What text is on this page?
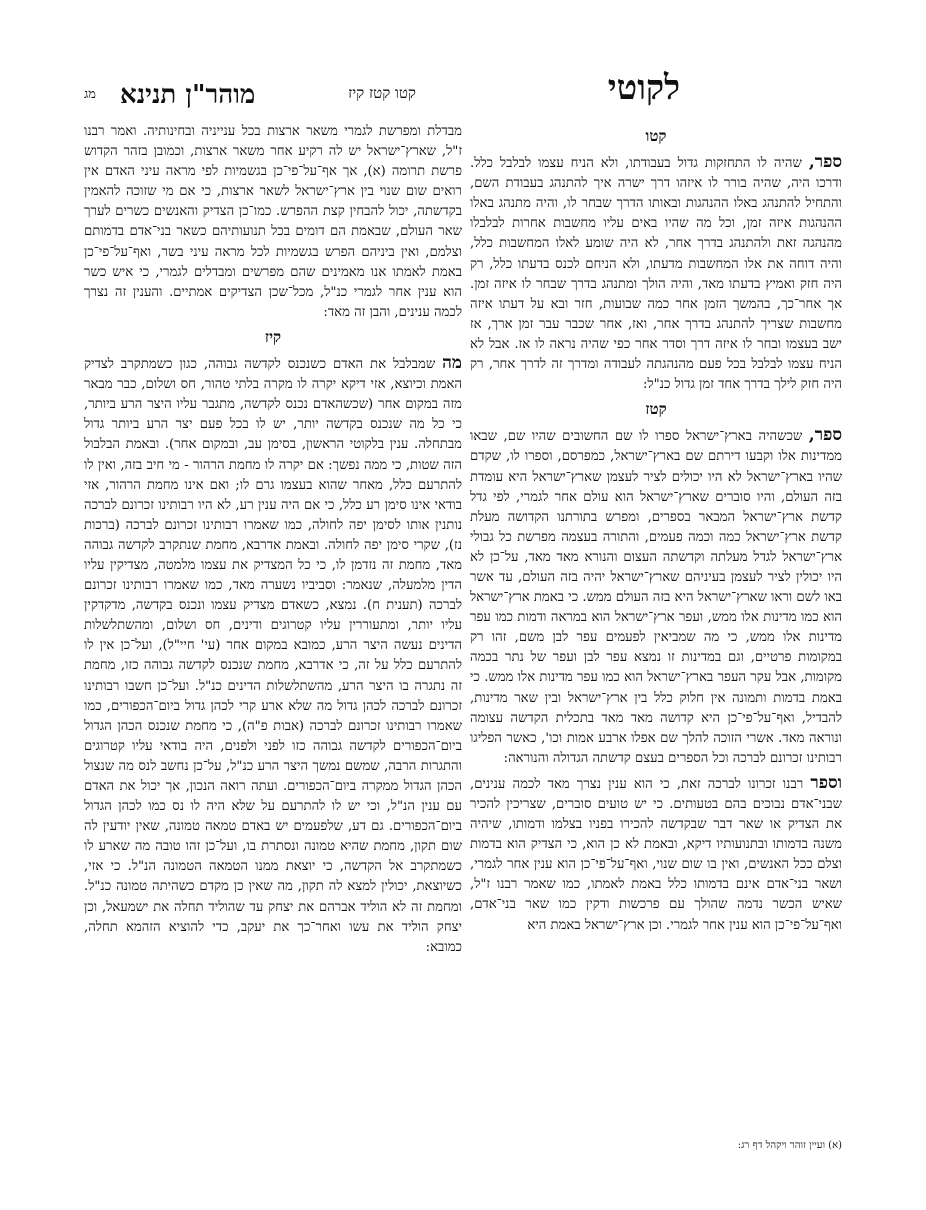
לקוטי
קטו קטז קיז
מוהר"ן תנינא
מג
קטו

ספר, שהיה לו התחזקות גדול בעבודתו, ולא הניח עצמו לבלבל כלל. ודרכו היה, שהיה בורר לו איזהו דרך ישרה איך להתנהג בעבודת השם, והתחיל להתנהג באלו ההנהגות ובאותו הדרך שבחר לו, והיה מתנהג באלו ההנהגות איזה זמן, וכל מה שהיו באים עליו מחשבות אחרות לבלבלו מהנהגה זאת ולהתנהג בדרך אחר, לא היה שומע לאלו המחשבות כלל, והיה דוחה את אלו המחשבות מדעתו, ולא הניחם לכנס בדעתו כלל, רק היה חזק ואמיץ בדעתו מאד, והיה הולך ומתנהג בדרך שבחר לו איזה זמן. אך אחר־כך, בהמשך הזמן אחר כמה שבועות, חזר ובא על דעתו איזה מחשבות שצריך להתנהג בדרך אחר, ואז, אחר שכבר עבר זמן ארך, אז ישב בעצמו ובחר לו איזה דרך וסדר אחר כפי שהיה נראה לו אז. אבל לא הניח עצמו לבלבל בכל פעם מהנהגתה לעבודה ומדרך זה לדרך אחר, רק היה חזק לילך בדרך אחד זמן גדול כנ"ל:

קטז

ספר, שכשהיה בארץ־ישראל ספרו לו שם החשובים שהיו שם, שבאו ממדינות אלו וקבעו דירתם שם בארץ־ישראל, כמפרסם, וספרו לו, שקדם שהיו בארץ־ישראל לא היו יכולים לציר לעצמן שארץ־ישראל היא עומדת בזה העולם, והיו סוברים שארץ־ישראל הוא עולם אחר לגמרי, לפי גדל קדשת ארץ־ישראל המבאר בספרים, ומפרש בתורתנו הקדושה מעלת קדשת ארץ־ישראל כמה וכמה פעמים, והתורה בעצמה מפרשת כל גבולי ארץ־ישראל לגדל מעלתה וקדשתה העצום והנורא מאד מאד, על־כן לא היו יכולין לציר לעצמן בעיניהם שארץ־ישראל יהיה בזה העולם, עד אשר באו לשם וראו שארץ־ישראל היא בזה העולם ממש. כי באמת ארץ־ישראל הוא כמו מדינות אלו ממש, ועפר ארץ־ישראל הוא במראה ודמות כמו עפר מדינות אלו ממש, כי מה שמביאין לפעמים עפר לבן משם, זהו רק במקומות פרטיים, וגם במדינות זו נמצא עפר לבן ועפר של נתר בכמה מקומות, אבל עקר העפר בארץ־ישראל הוא כמו עפר מדינות אלו ממש. כי באמת בדמות ותמונה אין חלוק כלל בין ארץ־ישראל ובין שאר מדינות, להבדיל, ואף־על־פי־כן היא קדושה מאד מאד בתכלית הקדשה עצומה ונוראה מאד. אשרי הזוכה להלך שם אפלו ארבע אמות וכו', כאשר הפליגו רבותינו זכרונם לברכה וכל הספרים בעצם קדשתה הגדולה והנוראה:

וספר רבנו זכרונו לברכה זאת, כי הוא ענין נצרך מאד לכמה ענינים, שבני־אדם נבוכים בהם בטעותים. כי יש טועים סוברים, שצריכין להכיר את הצדיק או שאר דבר שבקדשה להכירו בפניו בצלמו ודמותו, שיהיה משנה בדמותו ובתנועותיו דיקא, ובאמת לא כן הוא, כי הצדיק הוא בדמות וצלם ככל האנשים, ואין בו שום שנוי, ואף־על־פי־כן הוא ענין אחר לגמרי, ושאר בני־אדם אינם בדמותו כלל באמת לאמתו, כמו שאמר רבנו ז"ל, שאיש הכשר נדמה שהולך עם פרכשות ודקין כמו שאר בני־אדם, ואף־על־פי־כן הוא ענין אחר לגמרי. וכן ארץ־ישראל באמת היא

מבדלת ומפרשת לגמרי משאר ארצות בכל ענייניה ובחינותיה. ואמר רבנו ז"ל, שארץ־ישראל יש לה רקיע אחר משאר ארצות, וכמובן בזהר הקדוש פרשת תרומה (א), אך אף־על־פי־כן בגשמיות לפי מראה עיני האדם אין רואים שום שנוי בין ארץ־ישראל לשאר ארצות, כי אם מי שזוכה להאמין בקדשתה, יכול להבחין קצת ההפרש. כמו־כן הצדיק והאנשים כשרים לערך שאר העולם, שבאמת הם דומים בכל תנועותיהם כשאר בני־אדם בדמותם וצלמם, ואין ביניהם הפרש בגשמיות לכל מראה עיני בשר, ואף־על־פי־כן באמת לאמתו אנו מאמינים שהם מפרשים ומבדלים לגמרי, כי איש כשר הוא ענין אחר לגמרי כנ"ל, מכל־שכן הצדיקים אמתיים. והענין זה נצרך לכמה ענינים, והבן זה מאד:

קיז

מה שמבלבל את האדם כשנכנס לקדשה גבוהה, כגון כשמתקרב לצדיק האמת וכיוצא, אזי דיקא יקרה לו מקרה בלתי טהור, חס ושלום, כבר מבאר מזה במקום אחר (שכשהאדם נכנס לקדשה, מתגבר עליו היצר הרע ביותר, כי כל מה שנכנס בקדשה יותר, יש לו בכל פעם יצר הרע ביותר גדול מבתחלה. ענין בלקוטי הראשון, בסימן עב, ובמקום אחר). ובאמת הבלבול הזה שטות, כי ממה נפשך: אם יקרה לו מחמת הרהור - מי חיב בזה, ואין לו להתרעם כלל, מאחר שהוא בעצמו גרם לו; ואם אינו מחמת הרהור, אזי בודאי אינו סימן רע כלל, כי אם היה ענין רע, לא היו רבותינו זכרונם לברכה נותנין אותו לסימן יפה לחולה, כמו שאמרו רבותינו זכרונם לברכה (ברכות נז), שקרי סימן יפה לחולה. ובאמת אדרבא, מחמת שנתקרב לקדשה גבוהה מאד, מחמת זה נזדמן לו, כי כל המצדיק את עצמו מלמטה, מצדיקין עליו הדין מלמעלה, שנאמר: וסביביו נשערה מאד, כמו שאמרו רבותינו זכרונם לברכה (תענית ח). נמצא, כשאדם מצדיק עצמו ונכנס בקדשה, מדקדקין עליו יותר, ומתעוררין עליו קטרוגים ודינים, חס ושלום, ומהשתלשלות הדינים נעשה היצר הרע, כמובא במקום אחר (עי' חיי"ל), ועל־כן אין לו להתרעם כלל על זה, כי אדרבא, מחמת שנכנס לקדשה גבוהה כזו, מחמת זה נתגרה בו היצר הרע, מהשתלשלות הדינים כנ"ל. ועל־כן חשבו רבותינו זכרונם לברכה לכהן גדול מה שלא ארע קרי לכהן גדול ביום־הכפורים, כמו שאמרו רבותינו זכרונם לברכה (אבות פ"ה), כי מחמת שנכנס הכהן הגדול ביום־הכפורים לקדשה גבוהה כזו לפני ולפנים, היה בודאי עליו קטרוגים והתגרות הרבה, שמשם נמשך היצר הרע כנ"ל, על־כן נחשב לנס מה שנצול הכהן הגדול ממקרה ביום־הכפורים. ועתה רואה הנכון, אך יכול את האדם עם ענין הנ"ל, וכי יש לו להתרעם על שלא היה לו נס כמו לכהן הגדול ביום־הכפורים. גם דע, שלפעמים יש באדם טמאה טמונה, שאין יודעין לה שום תקון, מחמת שהיא טמונה ונסתרת בו, ועל־כן זהו טובה מה שארע לו כשמתקרב אל הקדשה, כי יוצאת ממנו הטמאה הטמונה הנ"ל. כי אזי, כשיוצאת, יכולין למצא לה תקון, מה שאין כן מקדם כשהיתה טמונה כנ"ל. ומחמת זה לא הוליד אברהם את יצחק עד שהוליד תחלה את ישמעאל, וכן יצחק הוליד את עשו ואחר־כך את יעקב, כדי להוציא הזהמא תחלה, כמובא:

(א) ועיין זוהר ויקהל דף רג:
